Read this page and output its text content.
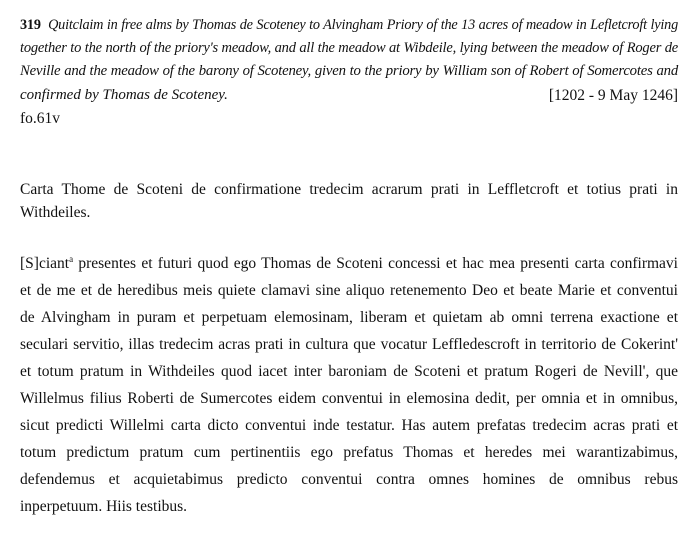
319 Quitclaim in free alms by Thomas de Scoteney to Alvingham Priory of the 13 acres of meadow in Lefletcroft lying
together to the north of the priory's meadow, and all the meadow at Wibdeile, lying between the meadow of Roger de
Neville and the meadow of the barony of Scoteney, given to the priory by William son of Robert of Somercotes and
confirmed by Thomas de Scoteney.	[1202 - 9 May 1246]
fo.61v
Carta Thome de Scoteni de confirmatione tredecim acrarum prati in Leffletcroft et totius prati in
Withdeiles.
[S]ciant$^a$ presentes et futuri quod ego Thomas de Scoteni concessi et hac mea presenti carta confirmavi
et de me et de heredibus meis quiete clamavi sine aliquo retenemento Deo et beate Marie et conventui
de Alvingham in puram et perpetuam elemosinam, liberam et quietam ab omni terrena exactione et
seculari servitio, illas tredecim acras prati in cultura que vocatur Leffledescroft in territorio de Cokerint'
et totum pratum in Withdeiles quod iacet inter baroniam de Scoteni et pratum Rogeri de Nevill', que
Willelmus filius Roberti de Sumercotes eidem conventui in elemosina dedit, per omnia et in omnibus,
sicut predicti Willelmi carta dicto conventui inde testatur. Has autem prefatas tredecim acras prati et
totum predictum pratum cum pertinentiis ego prefatus Thomas et heredes mei warantizabimus,
defendemus et acquietabimus predicto conventui contra omnes homines de omnibus rebus
inperpetuum. Hiis testibus.
